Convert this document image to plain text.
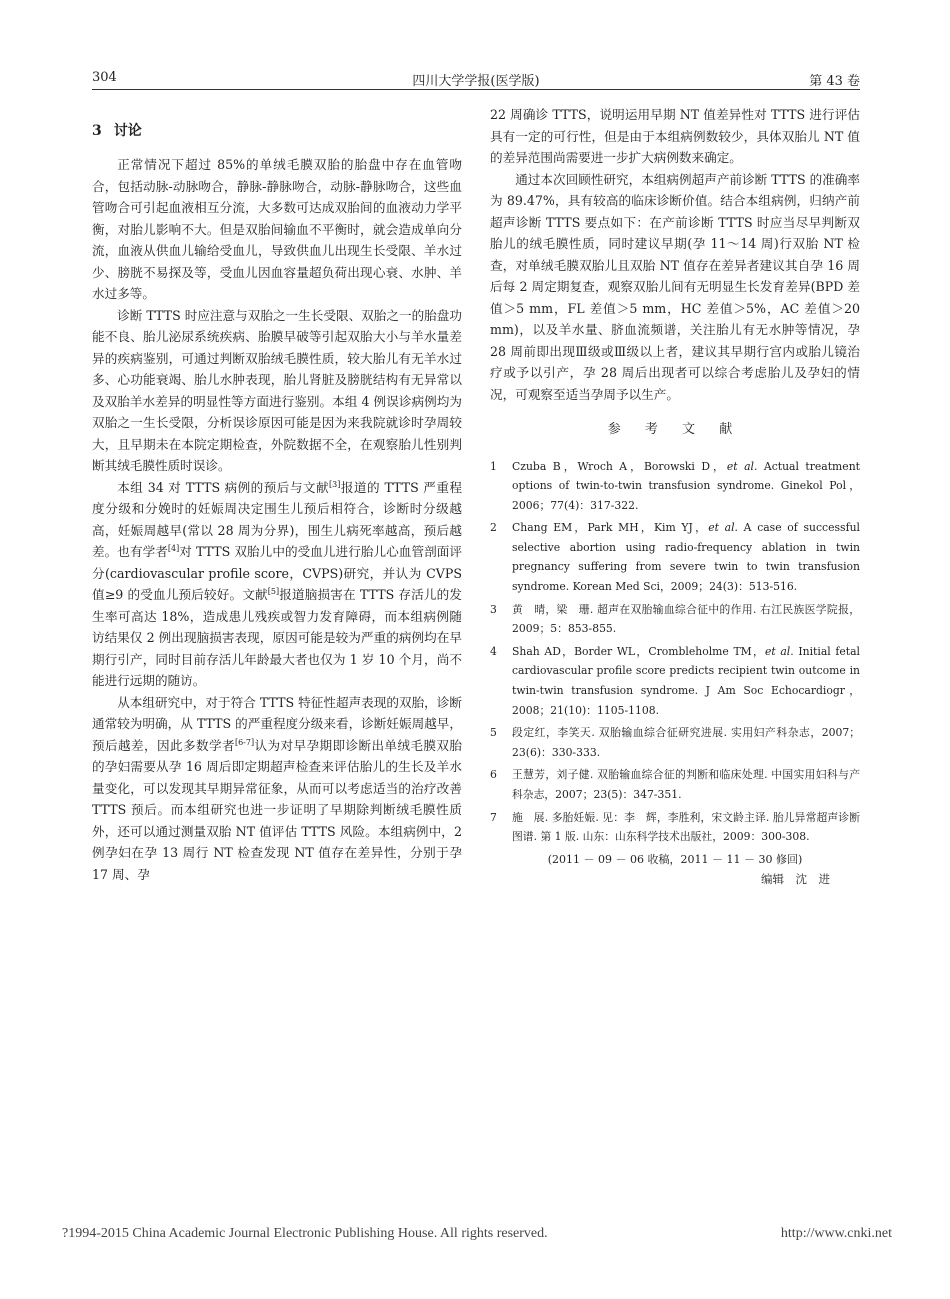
304	四川大学学报(医学版)	第 43 卷
3 讨论

正常情况下超过 85%的单绒毛膜双胎的胎盘中存在血管吻合，包括动脉-动脉吻合，静脉-静脉吻合，动脉-静脉吻合，这些血管吻合可引起血液相互分流，大多数可达成双胎间的血液动力学平衡，对胎儿影响不大。但是双胎间输血不平衡时，就会造成单向分流，血液从供血儿输给受血儿，导致供血儿出现生长受限、羊水过少、膀胱不易探及等，受血儿因血容量超负荷出现心衰、水肿、羊水过多等。

诊断 TTTS 时应注意与双胎之一生长受限、双胎之一的胎盘功能不良、胎儿泌尿系统疾病、胎膜早破等引起双胎大小与羊水量差异的疾病鉴别，可通过判断双胎绒毛膜性质，较大胎儿有无羊水过多、心功能衰竭、胎儿水肿表现，胎儿肾脏及膀胱结构有无异常以及双胎羊水差异的明显性等方面进行鉴别。本组 4 例误诊病例均为双胎之一生长受限，分析误诊原因可能是因为来我院就诊时孕周较大，且早期未在本院定期检查，外院数据不全，在观察胎儿性别判断其绒毛膜性质时误诊。

本组 34 对 TTTS 病例的预后与文献[3]报道的 TTTS 严重程度分级和分娩时的妊娠周决定围生儿预后相符合，诊断时分级越高，妊娠周越早(常以 28 周为分界)，围生儿病死率越高，预后越差。也有学者[4]对 TTTS 双胎儿中的受血儿进行胎儿心血管剖面评分(cardiovascular profile score，CVPS)研究，并认为 CVPS 值≥9 的受血儿预后较好。文献[5]报道脑损害在 TTTS 存活儿的发生率可高达 18%，造成患儿残疾或智力发育障碍，而本组病例随访结果仅 2 例出现脑损害表现，原因可能是较为严重的病例均在早期行引产，同时目前存活儿年龄最大者也仅为 1 岁 10 个月，尚不能进行远期的随访。

从本组研究中，对于符合 TTTS 特征性超声表现的双胎，诊断通常较为明确，从 TTTS 的严重程度分级来看，诊断妊娠周越早，预后越差，因此多数学者[6-7]认为对早孕期即诊断出单绒毛膜双胎的孕妇需要从孕 16 周后即定期超声检查来评估胎儿的生长及羊水量变化，可以发现其早期异常征象，从而可以考虑适当的治疗改善 TTTS 预后。而本组研究也进一步证明了早期除判断绒毛膜性质外，还可以通过测量双胎 NT 值评估 TTTS 风险。本组病例中，2 例孕妇在孕 13 周行 NT 检查发现 NT 值存在差异性，分别于孕 17 周、孕

22 周确诊 TTTS，说明运用早期 NT 值差异性对 TTTS 进行评估具有一定的可行性，但是由于本组病例数较少，具体双胎儿 NT 值的差异范围尚需要进一步扩大病例数来确定。

通过本次回顾性研究，本组病例超声产前诊断 TTTS 的准确率为 89.47%，具有较高的临床诊断价值。结合本组病例，归纳产前超声诊断 TTTS 要点如下：在产前诊断 TTTS 时应当尽早判断双胎儿的绒毛膜性质，同时建议早期(孕 11～14 周)行双胎 NT 检查，对单绒毛膜双胎儿且双胎 NT 值存在差异者建议其自孕 16 周后每 2 周定期复查，观察双胎儿间有无明显生长发育差异(BPD 差值＞5 mm，FL 差值＞5 mm，HC 差值＞5%，AC 差值＞20 mm)，以及羊水量、脐血流频谱，关注胎儿有无水肿等情况，孕 28 周前即出现Ⅲ级或Ⅲ级以上者，建议其早期行宫内或胎儿镜治疗或予以引产，孕 28 周后出现者可以综合考虑胎儿及孕妇的情况，可观察至适当孕周予以生产。

参 考 文 献
1 Czuba B，Wroch A，Borowski D，et al. Actual treatment options of twin-to-twin transfusion syndrome. Ginekol Pol，2006；77(4)：317-322.
2 Chang EM，Park MH，Kim YJ，et al. A case of successful selective abortion using radio-frequency ablation in twin pregnancy suffering from severe twin to twin transfusion syndrome. Korean Med Sci，2009；24(3)：513-516.
3 黄　晴，梁　珊. 超声在双胎输血综合征中的作用. 右江民族医学院报，2009；5：853-855.
4 Shah AD，Border WL，Crombleholme TM，et al. Initial fetal cardiovascular profile score predicts recipient twin outcome in twin-twin transfusion syndrome. J Am Soc Echocardiogr，2008；21(10)：1105-1108.
5 段定红，李笑天. 双胎输血综合征研究进展. 实用妇产科杂志，2007；23(6)：330-333.
6 王慧芳，刘子健. 双胎输血综合征的判断和临床处理. 中国实用妇科与产科杂志，2007；23(5)：347-351.
7 施　展. 多胎妊娠. 见：李　辉，李胜利，宋文龄主译. 胎儿异常超声诊断图谱. 第 1 版. 山东：山东科学技术出版社，2009：300-308.
(2011 － 09 － 06 收稿，2011 － 11 － 30 修回)
编辑　沈　进
?1994-2015 China Academic Journal Electronic Publishing House. All rights reserved.	http://www.cnki.net
